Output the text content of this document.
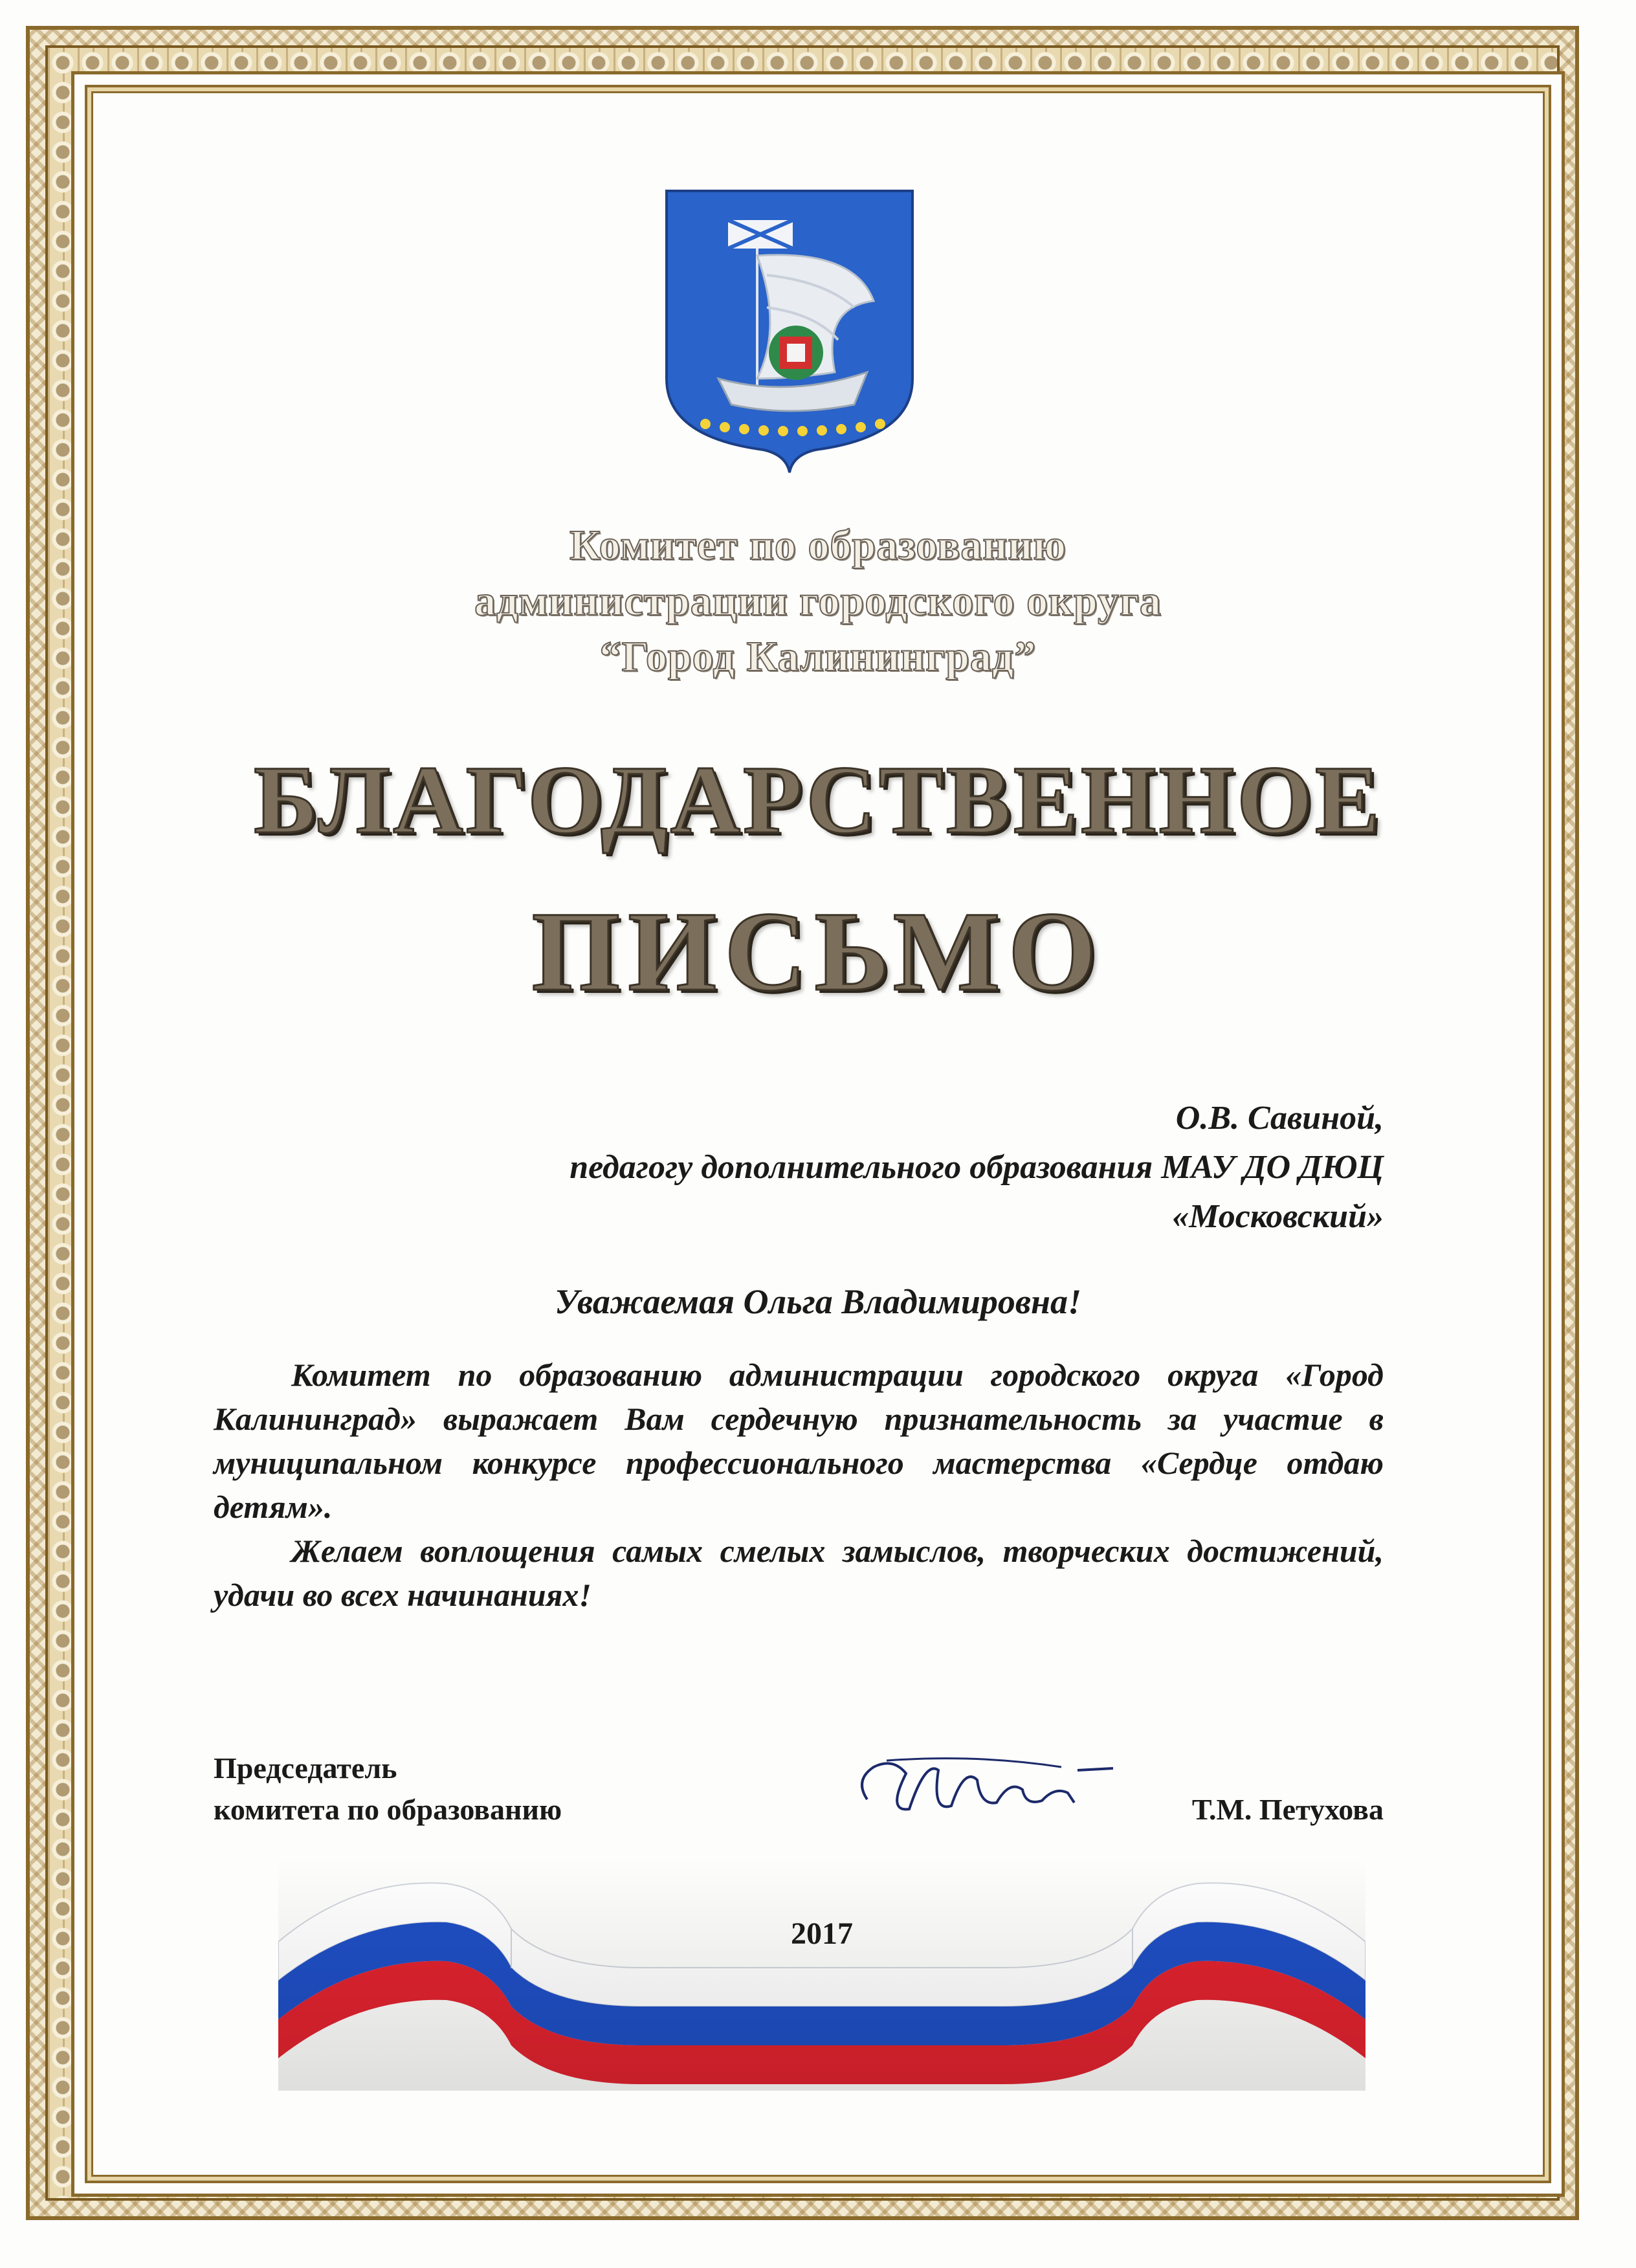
Комитет по образованию
администрации городского округа
“Город Калининград”
БЛАГОДАРСТВЕННОЕ
ПИСЬМО
О.В. Савиной,
педагогу дополнительного образования МАУ ДО ДЮЦ
«Московский»
Уважаемая Ольга Владимировна!

Комитет по образованию администрации городского округа «Город Калининград» выражает Вам сердечную признательность за участие в муниципальном конкурсе профессионального мастерства «Сердце отдаю детям».

Желаем воплощения самых смелых замыслов, творческих достижений, удачи во всех начинаниях!

Председатель
комитета по образованию	Т.М. Петухова
2017
